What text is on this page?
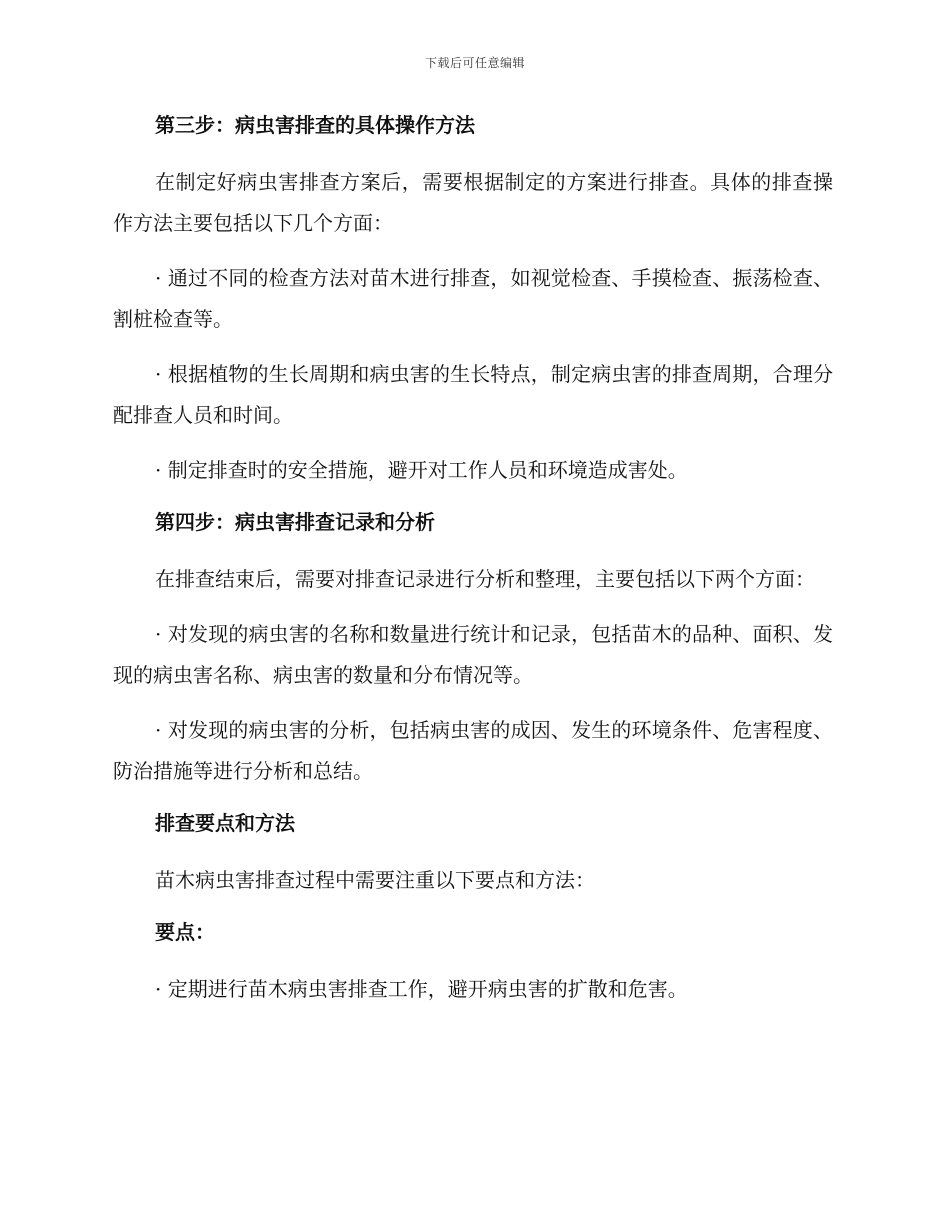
下载后可任意编辑
第三步：病虫害排查的具体操作方法
在制定好病虫害排查方案后，需要根据制定的方案进行排查。具体的排查操作方法主要包括以下几个方面：
· 通过不同的检查方法对苗木进行排查，如视觉检查、手摸检查、振荡检查、割桩检查等。
· 根据植物的生长周期和病虫害的生长特点，制定病虫害的排查周期，合理分配排查人员和时间。
· 制定排查时的安全措施，避开对工作人员和环境造成害处。
第四步：病虫害排查记录和分析
在排查结束后，需要对排查记录进行分析和整理，主要包括以下两个方面：
· 对发现的病虫害的名称和数量进行统计和记录，包括苗木的品种、面积、发现的病虫害名称、病虫害的数量和分布情况等。
· 对发现的病虫害的分析，包括病虫害的成因、发生的环境条件、危害程度、防治措施等进行分析和总结。
排查要点和方法
苗木病虫害排查过程中需要注重以下要点和方法：
要点：
· 定期进行苗木病虫害排查工作，避开病虫害的扩散和危害。
